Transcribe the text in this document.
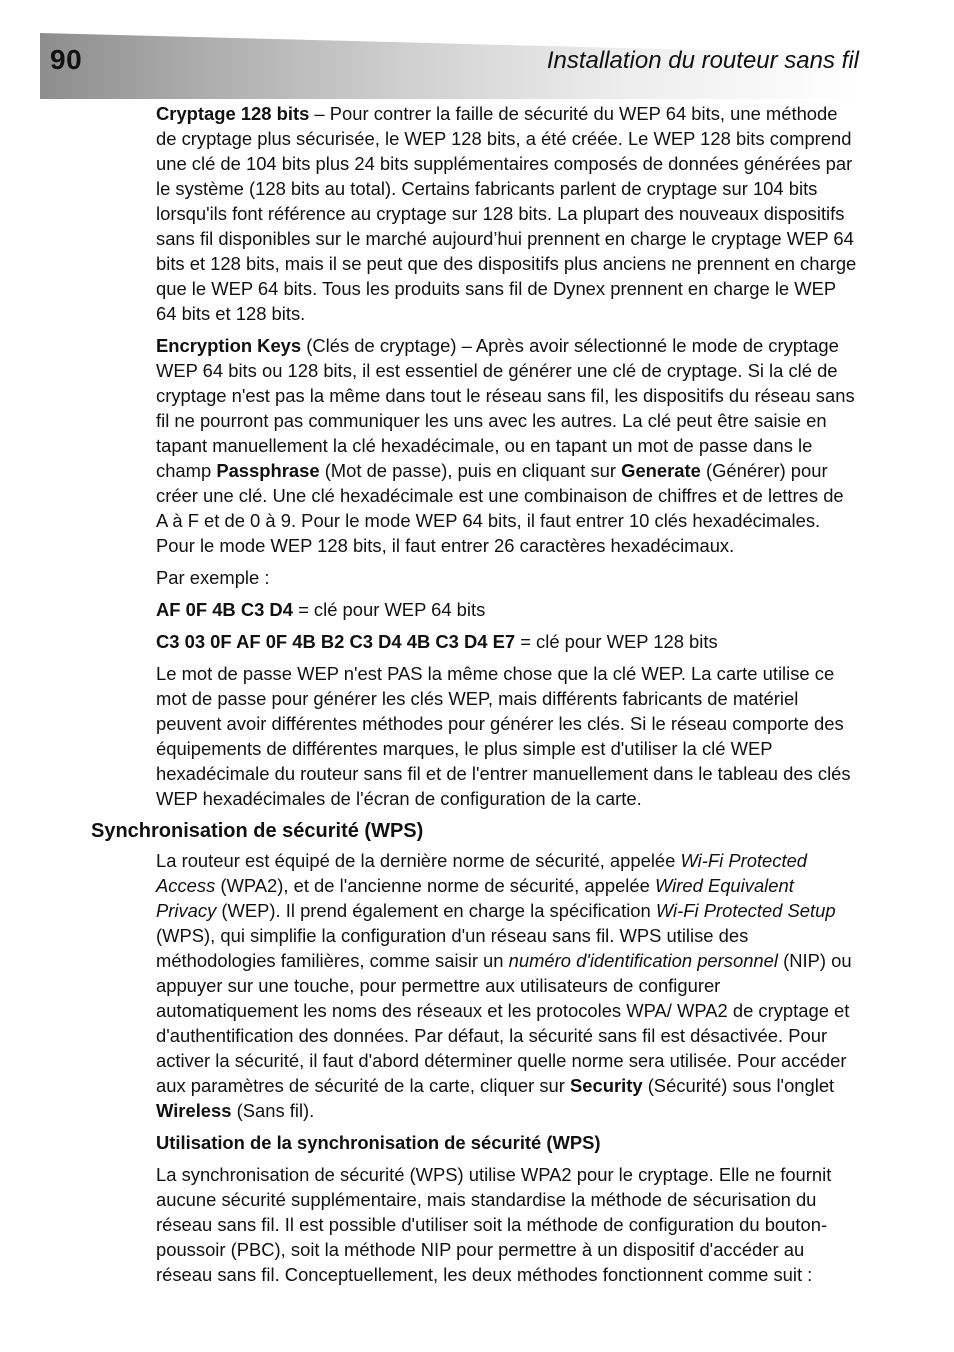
90	Installation du routeur sans fil

Cryptage 128 bits – Pour contrer la faille de sécurité du WEP 64 bits, une méthode de cryptage plus sécurisée, le WEP 128 bits, a été créée. Le WEP 128 bits comprend une clé de 104 bits plus 24 bits supplémentaires composés de données générées par le système (128 bits au total). Certains fabricants parlent de cryptage sur 104 bits lorsqu'ils font référence au cryptage sur 128 bits. La plupart des nouveaux dispositifs sans fil disponibles sur le marché aujourd’hui prennent en charge le cryptage WEP 64 bits et 128 bits, mais il se peut que des dispositifs plus anciens ne prennent en charge que le WEP 64 bits. Tous les produits sans fil de Dynex prennent en charge le WEP 64 bits et 128 bits.

Encryption Keys (Clés de cryptage) – Après avoir sélectionné le mode de cryptage WEP 64 bits ou 128 bits, il est essentiel de générer une clé de cryptage. Si la clé de cryptage n'est pas la même dans tout le réseau sans fil, les dispositifs du réseau sans fil ne pourront pas communiquer les uns avec les autres. La clé peut être saisie en tapant manuellement la clé hexadécimale, ou en tapant un mot de passe dans le champ Passphrase (Mot de passe), puis en cliquant sur Generate (Générer) pour créer une clé. Une clé hexadécimale est une combinaison de chiffres et de lettres de A à F et de 0 à 9. Pour le mode WEP 64 bits, il faut entrer 10 clés hexadécimales. Pour le mode WEP 128 bits, il faut entrer 26 caractères hexadécimaux.

Par exemple :

AF 0F 4B C3 D4 = clé pour WEP 64 bits

C3 03 0F AF 0F 4B B2 C3 D4 4B C3 D4 E7 = clé pour WEP 128 bits

Le mot de passe WEP n'est PAS la même chose que la clé WEP. La carte utilise ce mot de passe pour générer les clés WEP, mais différents fabricants de matériel peuvent avoir différentes méthodes pour générer les clés. Si le réseau comporte des équipements de différentes marques, le plus simple est d'utiliser la clé WEP hexadécimale du routeur sans fil et de l'entrer manuellement dans le tableau des clés WEP hexadécimales de l'écran de configuration de la carte.

Synchronisation de sécurité (WPS)

La routeur est équipé de la dernière norme de sécurité, appelée Wi-Fi Protected Access (WPA2), et de l'ancienne norme de sécurité, appelée Wired Equivalent Privacy (WEP). Il prend également en charge la spécification Wi-Fi Protected Setup (WPS), qui simplifie la configuration d'un réseau sans fil. WPS utilise des méthodologies familières, comme saisir un numéro d'identification personnel (NIP) ou appuyer sur une touche, pour permettre aux utilisateurs de configurer automatiquement les noms des réseaux et les protocoles WPA/ WPA2 de cryptage et d'authentification des données. Par défaut, la sécurité sans fil est désactivée. Pour activer la sécurité, il faut d'abord déterminer quelle norme sera utilisée. Pour accéder aux paramètres de sécurité de la carte, cliquer sur Security (Sécurité) sous l'onglet Wireless (Sans fil).

Utilisation de la synchronisation de sécurité (WPS)

La synchronisation de sécurité (WPS) utilise WPA2 pour le cryptage. Elle ne fournit aucune sécurité supplémentaire, mais standardise la méthode de sécurisation du réseau sans fil. Il est possible d'utiliser soit la méthode de configuration du bouton-poussoir (PBC), soit la méthode NIP pour permettre à un dispositif d'accéder au réseau sans fil. Conceptuellement, les deux méthodes fonctionnent comme suit :
